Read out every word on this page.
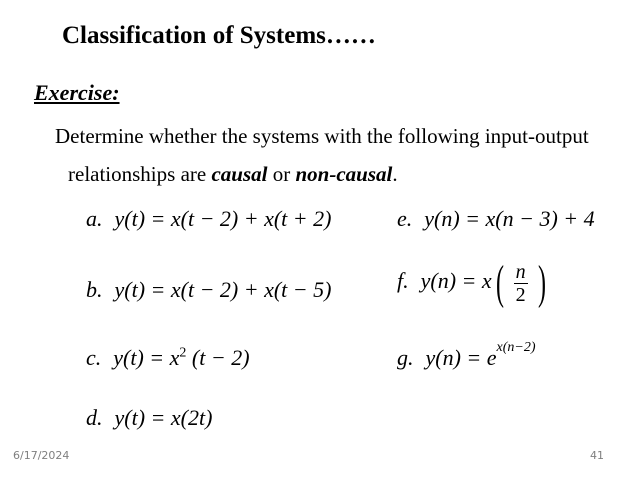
Classification of Systems……
Exercise:
Determine whether the systems with the following input-output
relationships are causal or non-causal.
a. y(t) = x(t − 2) + x(t + 2)
b. y(t) = x(t − 2) + x(t − 5)
c. $y(t) = x^2$ (t − 2)
d. y(t) = x(2t)
e. y(n) = x(n − 3) + 4
f. y(n) = x ( $\frac{n}{2}$ )
g. $y(n) = e^{x(n-2)}$
6/17/2024	41
